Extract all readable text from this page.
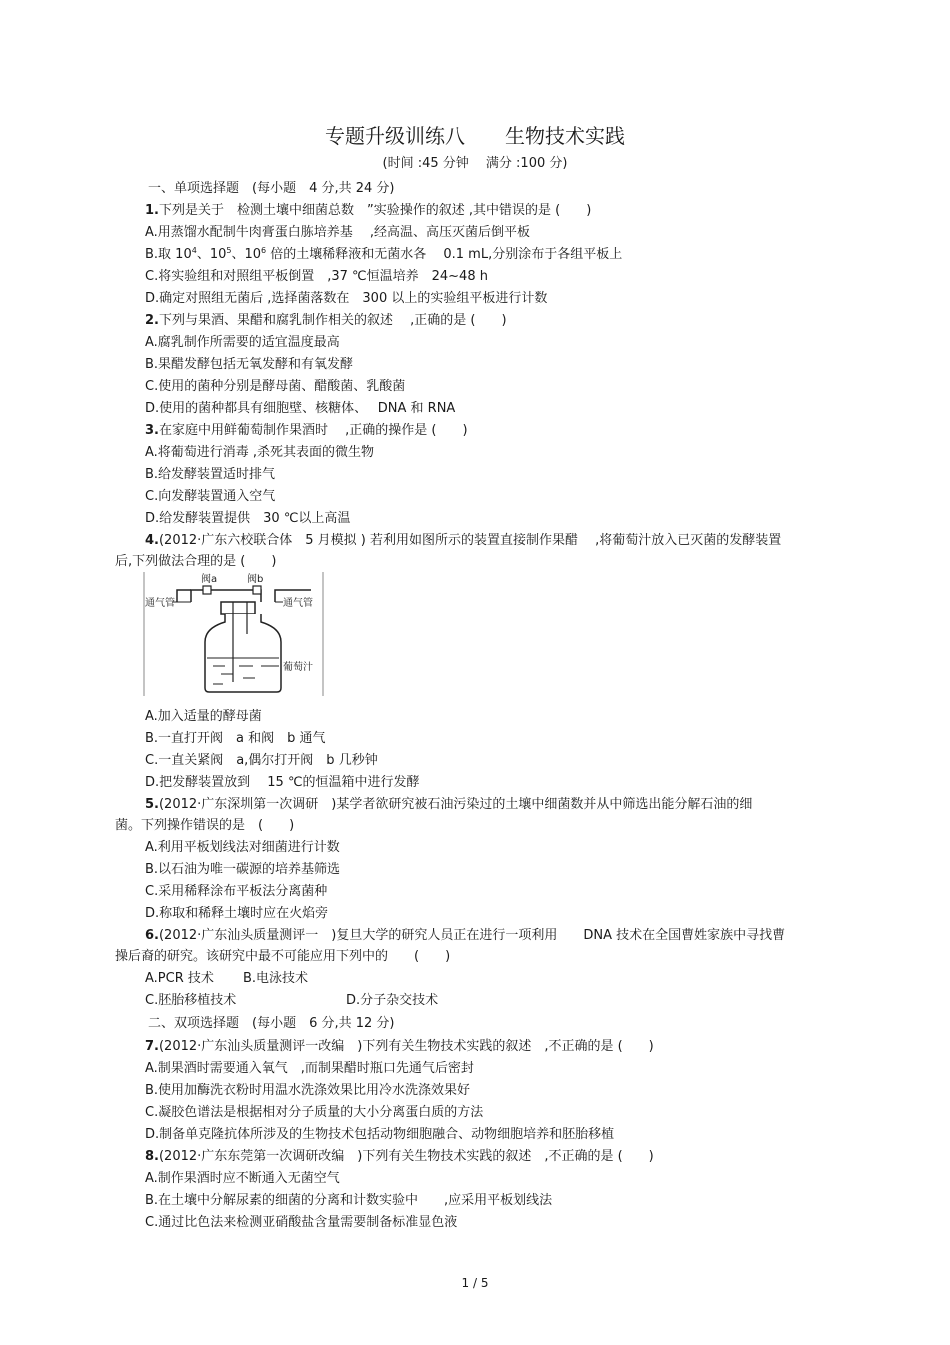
专题升级训练八　　生物技术实践
(时间 :45 分钟　 满分 :100 分)
一、单项选择题　(每小题　4 分,共 24 分)
1.下列是关于　检测土壤中细菌总数　”实验操作的叙述 ,其中错误的是 (　　)
A.用蒸馏水配制牛肉膏蛋白胨培养基　 ,经高温、高压灭菌后倒平板
B.取 $10^4$、$10^5$、$10^6$ 倍的土壤稀释液和无菌水各　 0.1 mL,分别涂布于各组平板上
C.将实验组和对照组平板倒置　,37 ℃恒温培养　24~48 h
D.确定对照组无菌后 ,选择菌落数在　300 以上的实验组平板进行计数
2.下列与果酒、果醋和腐乳制作相关的叙述　 ,正确的是 (　　)
A.腐乳制作所需要的适宜温度最高
B.果醋发酵包括无氧发酵和有氧发酵
C.使用的菌种分别是酵母菌、醋酸菌、乳酸菌
D.使用的菌种都具有细胞壁、核糖体、　 DNA 和 RNA
3.在家庭中用鲜葡萄制作果酒时　 ,正确的操作是 (　　)
A.将葡萄进行消毒 ,杀死其表面的微生物
B.给发酵装置适时排气
C.向发酵装置通入空气
D.给发酵装置提供　30 ℃以上高温
4.(2012·广东六校联合体　5 月模拟 ) 若利用如图所示的装置直接制作果醋　 ,将葡萄汁放入已灭菌的发酵装置
后,下列做法合理的是 (　　)
阀a	阀b
通气管	通气管
葡萄汁
A.加入适量的酵母菌
B.一直打开阀　a 和阀　b 通气
C.一直关紧阀　a,偶尔打开阀　b 几秒钟
D.把发酵装置放到　 15 ℃的恒温箱中进行发酵
5.(2012·广东深圳第一次调研　)某学者欲研究被石油污染过的土壤中细菌数并从中筛选出能分解石油的细
菌。下列操作错误的是　(　　)
A.利用平板划线法对细菌进行计数
B.以石油为唯一碳源的培养基筛选
C.采用稀释涂布平板法分离菌种
D.称取和稀释土壤时应在火焰旁
6.(2012·广东汕头质量测评一　)复旦大学的研究人员正在进行一项利用　　DNA 技术在全国曹姓家族中寻找曹
操后裔的研究。该研究中最不可能应用下列中的　　(　　)
A.PCR 技术 B.电泳技术
C.胚胎移植技术	D.分子杂交技术
二、双项选择题　(每小题　6 分,共 12 分)
7.(2012·广东汕头质量测评一改编　)下列有关生物技术实践的叙述　,不正确的是 (　　)
A.制果酒时需要通入氧气　,而制果醋时瓶口先通气后密封
B.使用加酶洗衣粉时用温水洗涤效果比用冷水洗涤效果好
C.凝胶色谱法是根据相对分子质量的大小分离蛋白质的方法
D.制备单克隆抗体所涉及的生物技术包括动物细胞融合、动物细胞培养和胚胎移植
8.(2012·广东东莞第一次调研改编　)下列有关生物技术实践的叙述　,不正确的是 (　　)
A.制作果酒时应不断通入无菌空气
B.在土壤中分解尿素的细菌的分离和计数实验中　　,应采用平板划线法
C.通过比色法来检测亚硝酸盐含量需要制备标准显色液
1 / 5
